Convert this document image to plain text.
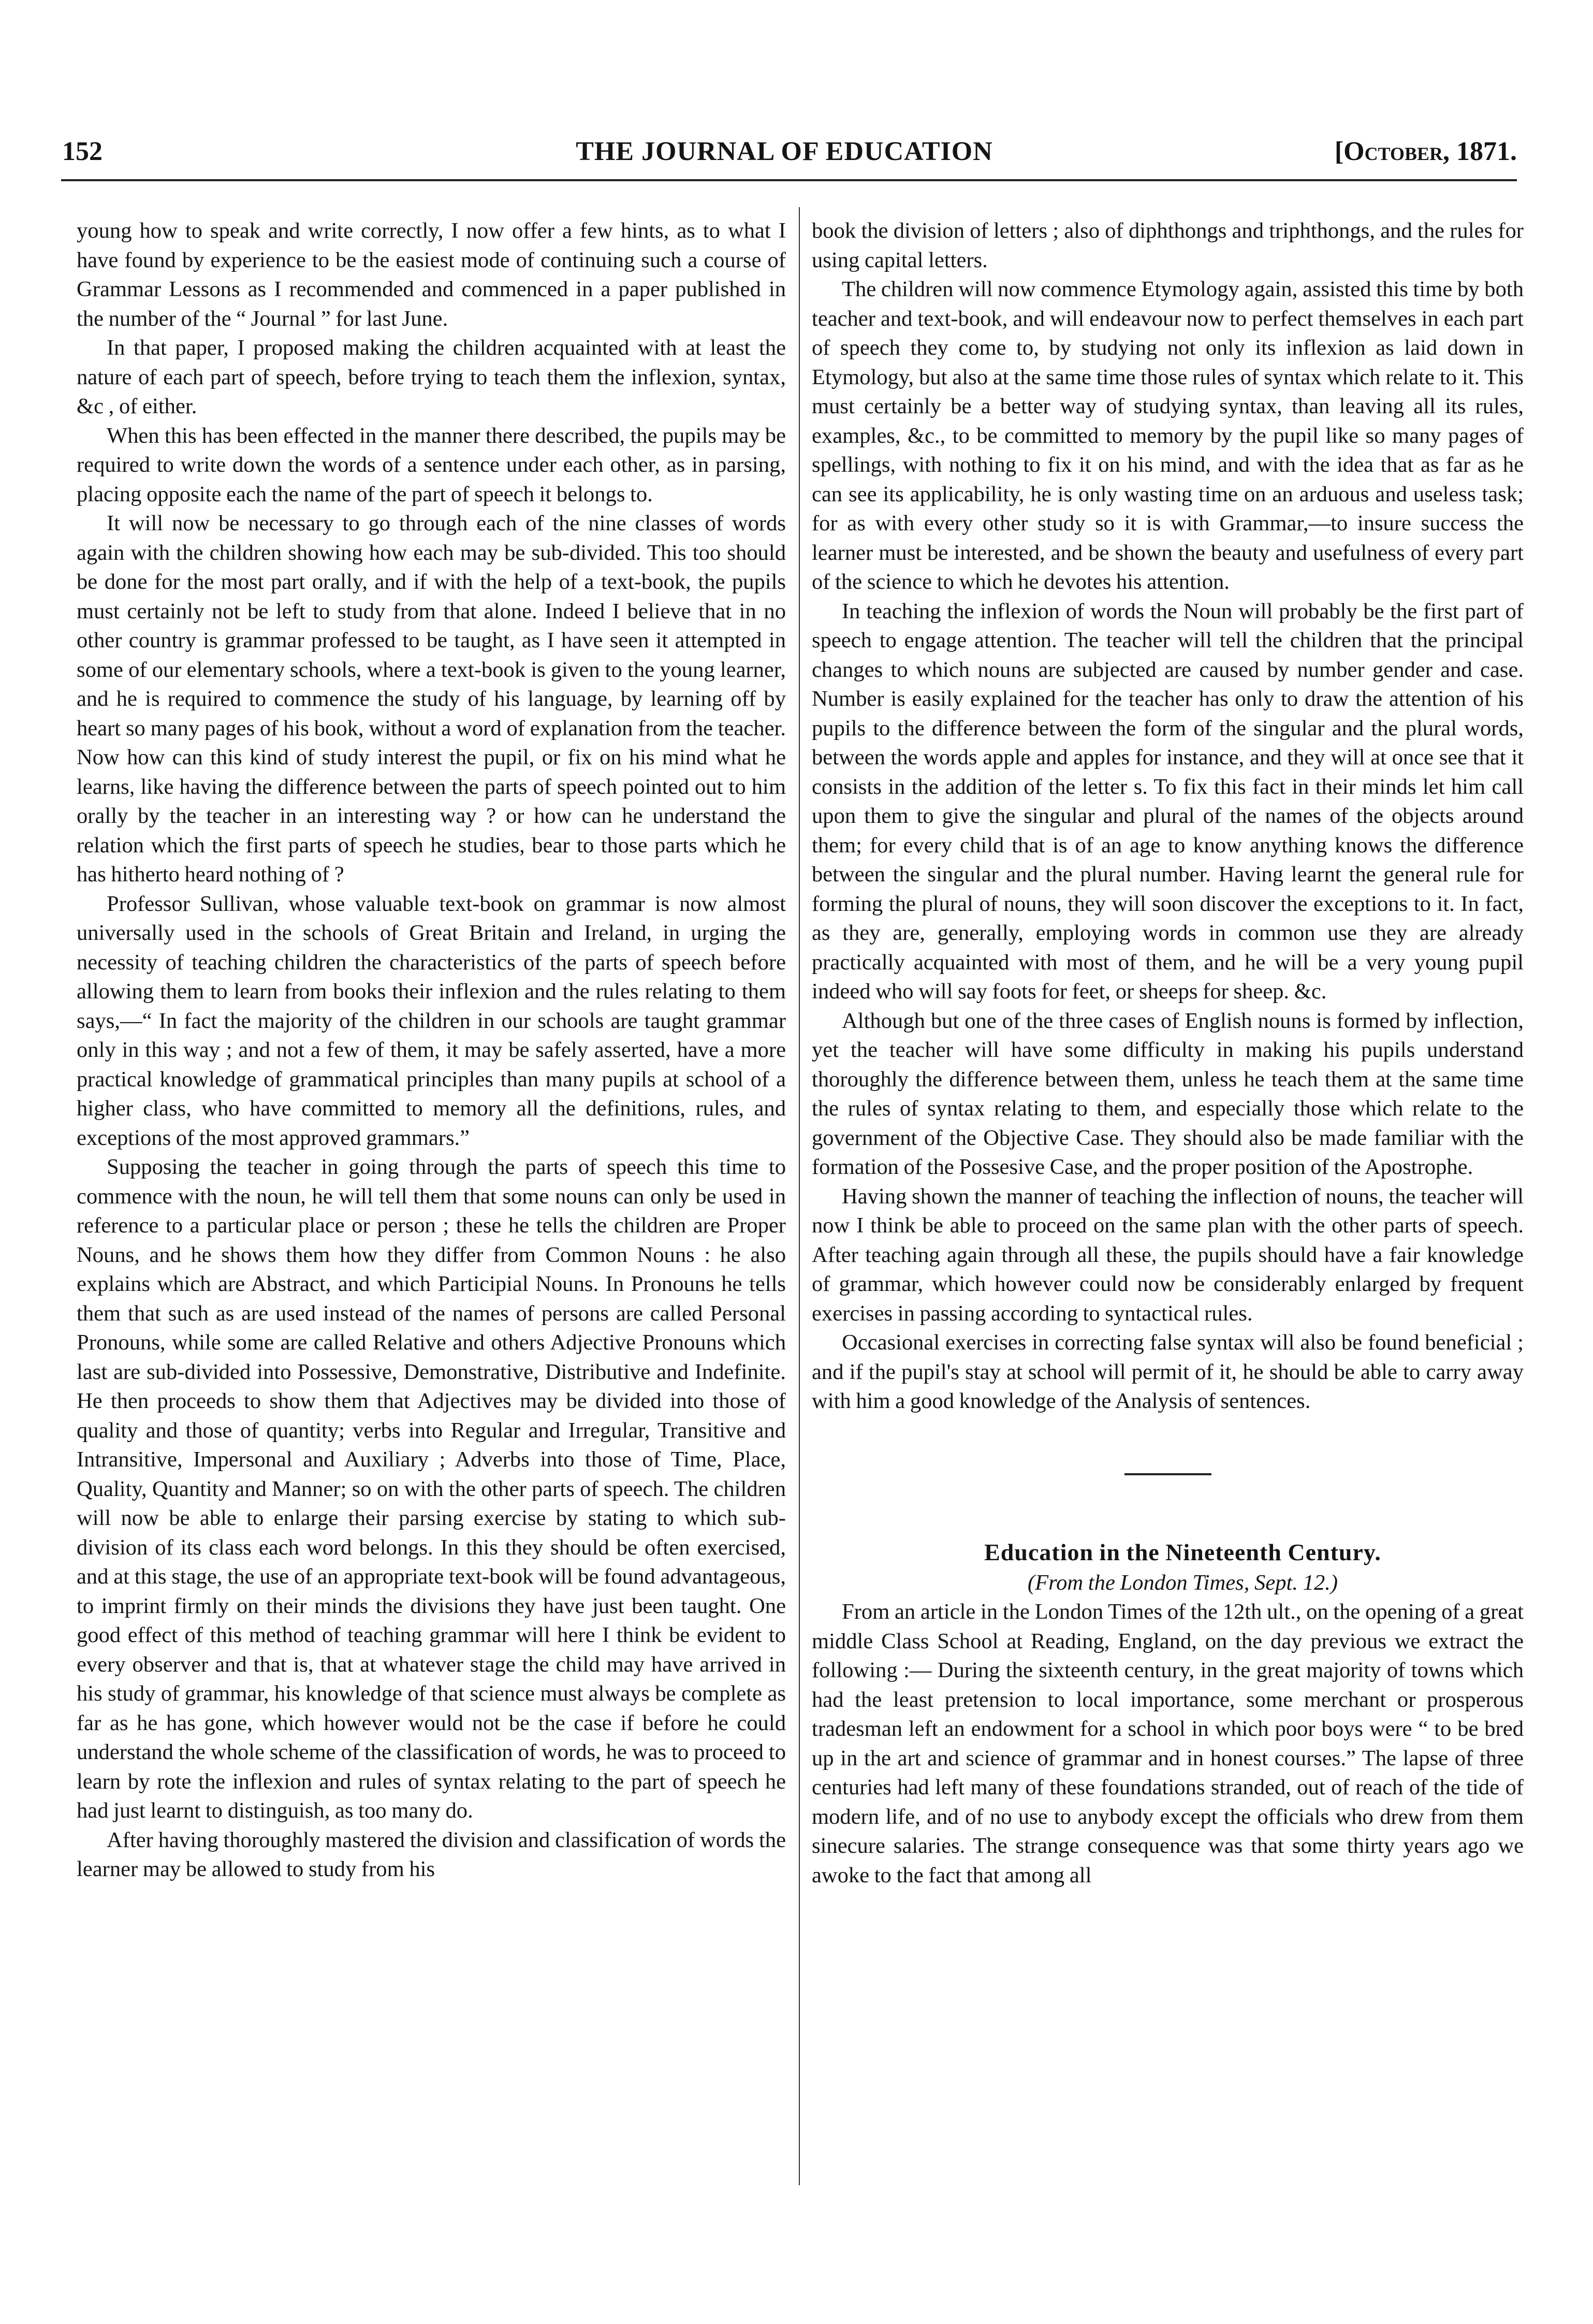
152	THE JOURNAL OF EDUCATION	[October, 1871.

young how to speak and write correctly, I now offer a few hints, as to what I have found by experience to be the easiest mode of continuing such a course of Grammar Lessons as I recommended and commenced in a paper published in the number of the “ Journal ” for last June.

In that paper, I proposed making the children acquainted with at least the nature of each part of speech, before trying to teach them the inflexion, syntax, &c , of either.

When this has been effected in the manner there described, the pupils may be required to write down the words of a sentence under each other, as in parsing, placing opposite each the name of the part of speech it belongs to.

It will now be necessary to go through each of the nine classes of words again with the children showing how each may be sub-divided. This too should be done for the most part orally, and if with the help of a text-book, the pupils must certainly not be left to study from that alone. Indeed I believe that in no other country is grammar professed to be taught, as I have seen it attempted in some of our elementary schools, where a text-book is given to the young learner, and he is required to commence the study of his language, by learning off by heart so many pages of his book, without a word of explanation from the teacher. Now how can this kind of study interest the pupil, or fix on his mind what he learns, like having the difference between the parts of speech pointed out to him orally by the teacher in an interesting way ? or how can he understand the relation which the first parts of speech he studies, bear to those parts which he has hitherto heard nothing of ?

Professor Sullivan, whose valuable text-book on grammar is now almost universally used in the schools of Great Britain and Ireland, in urging the necessity of teaching children the characteristics of the parts of speech before allowing them to learn from books their inflexion and the rules relating to them says,—“ In fact the majority of the children in our schools are taught grammar only in this way ; and not a few of them, it may be safely asserted, have a more practical knowledge of grammatical principles than many pupils at school of a higher class, who have committed to memory all the definitions, rules, and exceptions of the most approved grammars.”

Supposing the teacher in going through the parts of speech this time to commence with the noun, he will tell them that some nouns can only be used in reference to a particular place or person ; these he tells the children are Proper Nouns, and he shows them how they differ from Common Nouns : he also explains which are Abstract, and which Participial Nouns. In Pronouns he tells them that such as are used instead of the names of persons are called Personal Pronouns, while some are called Relative and others Adjective Pronouns which last are sub-divided into Possessive, Demonstrative, Distributive and Indefinite. He then proceeds to show them that Adjectives may be divided into those of quality and those of quantity; verbs into Regular and Irregular, Transitive and Intransitive, Impersonal and Auxiliary ; Adverbs into those of Time, Place, Quality, Quantity and Manner; so on with the other parts of speech. The children will now be able to enlarge their parsing exercise by stating to which sub-division of its class each word belongs. In this they should be often exercised, and at this stage, the use of an appropriate text-book will be found advantageous, to imprint firmly on their minds the divisions they have just been taught. One good effect of this method of teaching grammar will here I think be evident to every observer and that is, that at whatever stage the child may have arrived in his study of grammar, his knowledge of that science must always be complete as far as he has gone, which however would not be the case if before he could understand the whole scheme of the classification of words, he was to proceed to learn by rote the inflexion and rules of syntax relating to the part of speech he had just learnt to distinguish, as too many do.

After having thoroughly mastered the division and classification of words the learner may be allowed to study from his

book the division of letters ; also of diphthongs and triphthongs, and the rules for using capital letters.

The children will now commence Etymology again, assisted this time by both teacher and text-book, and will endeavour now to perfect themselves in each part of speech they come to, by studying not only its inflexion as laid down in Etymology, but also at the same time those rules of syntax which relate to it. This must certainly be a better way of studying syntax, than leaving all its rules, examples, &c., to be committed to memory by the pupil like so many pages of spellings, with nothing to fix it on his mind, and with the idea that as far as he can see its applicability, he is only wasting time on an arduous and useless task; for as with every other study so it is with Grammar,—to insure success the learner must be interested, and be shown the beauty and usefulness of every part of the science to which he devotes his attention.

In teaching the inflexion of words the Noun will probably be the first part of speech to engage attention. The teacher will tell the children that the principal changes to which nouns are subjected are caused by number gender and case. Number is easily explained for the teacher has only to draw the attention of his pupils to the difference between the form of the singular and the plural words, between the words apple and apples for instance, and they will at once see that it consists in the addition of the letter s. To fix this fact in their minds let him call upon them to give the singular and plural of the names of the objects around them; for every child that is of an age to know anything knows the difference between the singular and the plural number. Having learnt the general rule for forming the plural of nouns, they will soon discover the exceptions to it. In fact, as they are, generally, employing words in common use they are already practically acquainted with most of them, and he will be a very young pupil indeed who will say foots for feet, or sheeps for sheep. &c.

Although but one of the three cases of English nouns is formed by inflection, yet the teacher will have some difficulty in making his pupils understand thoroughly the difference between them, unless he teach them at the same time the rules of syntax relating to them, and especially those which relate to the government of the Objective Case. They should also be made familiar with the formation of the Possesive Case, and the proper position of the Apostrophe.

Having shown the manner of teaching the inflection of nouns, the teacher will now I think be able to proceed on the same plan with the other parts of speech. After teaching again through all these, the pupils should have a fair knowledge of grammar, which however could now be considerably enlarged by frequent exercises in passing according to syntactical rules.

Occasional exercises in correcting false syntax will also be found beneficial ; and if the pupil's stay at school will permit of it, he should be able to carry away with him a good knowledge of the Analysis of sentences.

Education in the Nineteenth Century.

(From the London Times, Sept. 12.)

From an article in the London Times of the 12th ult., on the opening of a great middle Class School at Reading, England, on the day previous we extract the following :— During the sixteenth century, in the great majority of towns which had the least pretension to local importance, some merchant or prosperous tradesman left an endowment for a school in which poor boys were “ to be bred up in the art and science of grammar and in honest courses.” The lapse of three centuries had left many of these foundations stranded, out of reach of the tide of modern life, and of no use to anybody except the officials who drew from them sinecure salaries. The strange consequence was that some thirty years ago we awoke to the fact that among all
